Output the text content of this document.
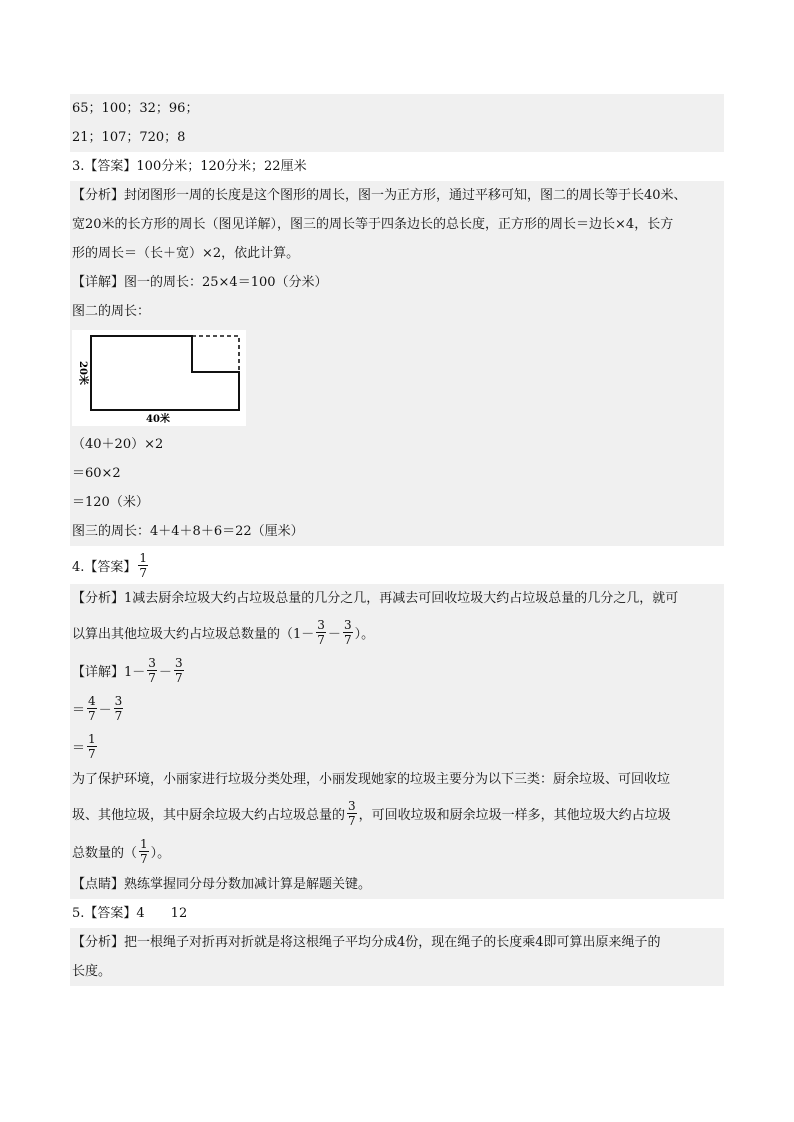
65；100；32；96；
21；107；720；8
3.【答案】100分米；120分米；22厘米
【分析】封闭图形一周的长度是这个图形的周长，图一为正方形，通过平移可知，图二的周长等于长40米、
宽20米的长方形的周长（图见详解），图三的周长等于四条边长的总长度，正方形的周长＝边长×4，长方
形的周长＝（长＋宽）×2，依此计算。
【详解】图一的周长：25×4＝100（分米）
图二的周长：
20米
40米
（40＋20）×2
＝60×2
＝120（米）
图三的周长：4＋4＋8＋6＝22（厘米）
4.【答案】 $\frac{1}{7}$
【分析】1减去厨余垃圾大约占垃圾总量的几分之几，再减去可回收垃圾大约占垃圾总量的几分之几，就可
以算出其他垃圾大约占垃圾总数量的（$1- \frac{3}{7} - \frac{3}{7}$ ）。
【详解】$1- \frac{3}{7} - \frac{3}{7}$
＝ $\frac{4}{7} - \frac{3}{7}$
＝ $\frac{1}{7}$
为了保护环境，小丽家进行垃圾分类处理，小丽发现她家的垃圾主要分为以下三类：厨余垃圾、可回收垃
圾、其他垃圾，其中厨余垃圾大约占垃圾总量的 $\frac{3}{7}$ ，可回收垃圾和厨余垃圾一样多，其他垃圾大约占垃圾
总数量的（ $\frac{1}{7}$ ）。
【点睛】熟练掌握同分母分数加减计算是解题关键。
5.【答案】4　　12
【分析】把一根绳子对折再对折就是将这根绳子平均分成4份，现在绳子的长度乘4即可算出原来绳子的
长度。
